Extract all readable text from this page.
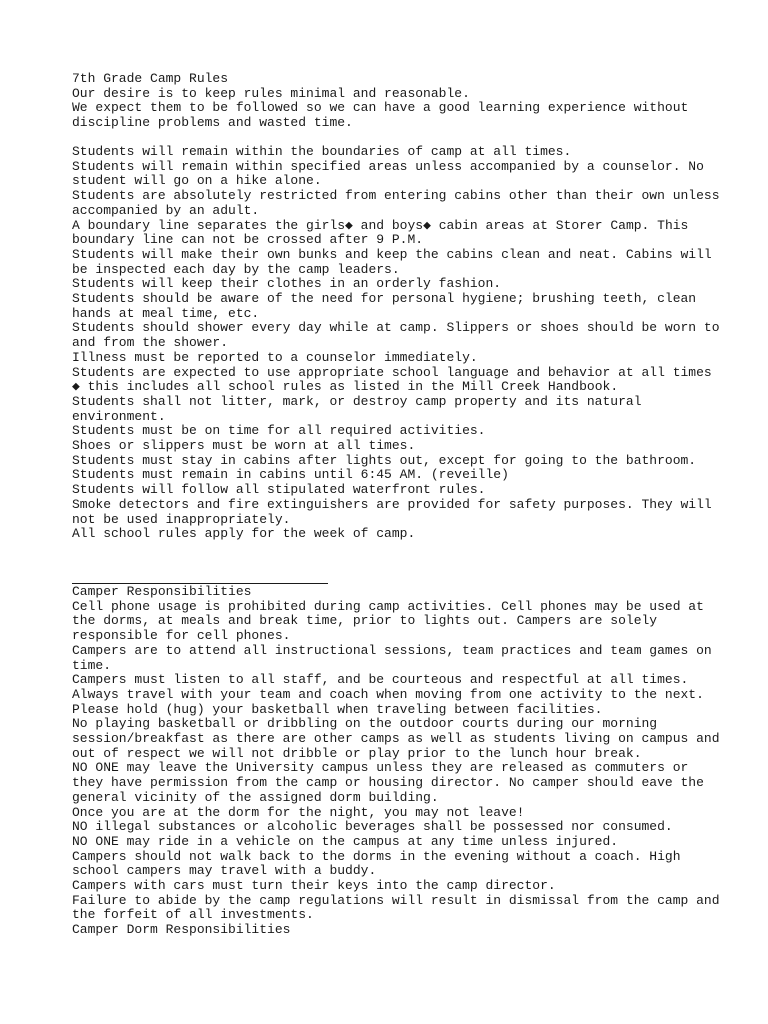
7th Grade Camp Rules
Our desire is to keep rules minimal and reasonable.
We expect them to be followed so we can have a good learning experience without
discipline problems and wasted time.
Students will remain within the boundaries of camp at all times.
Students will remain within specified areas unless accompanied by a counselor. No
student will go on a hike alone.
Students are absolutely restricted from entering cabins other than their own unless
accompanied by an adult.
A boundary line separates the girls◆ and boys◆ cabin areas at Storer Camp. This
boundary line can not be crossed after 9 P.M.
Students will make their own bunks and keep the cabins clean and neat. Cabins will
be inspected each day by the camp leaders.
Students will keep their clothes in an orderly fashion.
Students should be aware of the need for personal hygiene; brushing teeth, clean
hands at meal time, etc.
Students should shower every day while at camp. Slippers or shoes should be worn to
and from the shower.
Illness must be reported to a counselor immediately.
Students are expected to use appropriate school language and behavior at all times
◆ this includes all school rules as listed in the Mill Creek Handbook.
Students shall not litter, mark, or destroy camp property and its natural
environment.
Students must be on time for all required activities.
Shoes or slippers must be worn at all times.
Students must stay in cabins after lights out, except for going to the bathroom.
Students must remain in cabins until 6:45 AM. (reveille)
Students will follow all stipulated waterfront rules.
Smoke detectors and fire extinguishers are provided for safety purposes. They will
not be used inappropriately.
All school rules apply for the week of camp.
Camper Responsibilities
Cell phone usage is prohibited during camp activities. Cell phones may be used at
the dorms, at meals and break time, prior to lights out. Campers are solely
responsible for cell phones.
Campers are to attend all instructional sessions, team practices and team games on
time.
Campers must listen to all staff, and be courteous and respectful at all times.
Always travel with your team and coach when moving from one activity to the next.
Please hold (hug) your basketball when traveling between facilities.
No playing basketball or dribbling on the outdoor courts during our morning
session/breakfast as there are other camps as well as students living on campus and
out of respect we will not dribble or play prior to the lunch hour break.
NO ONE may leave the University campus unless they are released as commuters or
they have permission from the camp or housing director. No camper should eave the
general vicinity of the assigned dorm building.
Once you are at the dorm for the night, you may not leave!
NO illegal substances or alcoholic beverages shall be possessed nor consumed.
NO ONE may ride in a vehicle on the campus at any time unless injured.
Campers should not walk back to the dorms in the evening without a coach. High
school campers may travel with a buddy.
Campers with cars must turn their keys into the camp director.
Failure to abide by the camp regulations will result in dismissal from the camp and
the forfeit of all investments.
Camper Dorm Responsibilities
